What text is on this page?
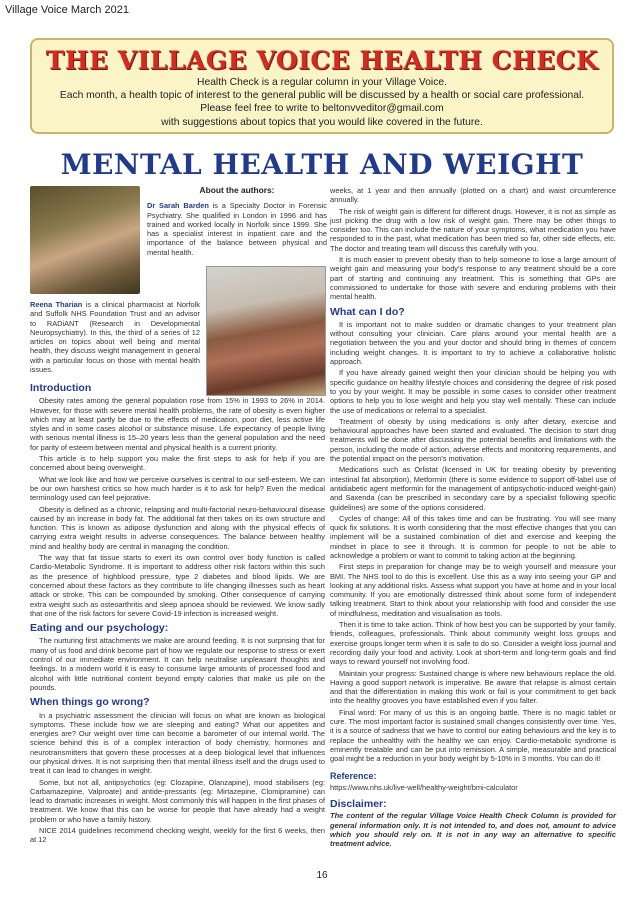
Village Voice March 2021
THE VILLAGE VOICE HEALTH CHECK
Health Check is a regular column in your Village Voice.
Each month, a health topic of interest to the general public will be discussed by a health or social care professional.
Please feel free to write to beltonvveditor@gmail.com
with suggestions about topics that you would like covered in the future.
MENTAL HEALTH AND WEIGHT
About the authors:

Dr Sarah Barden is a Specialty Doctor in Forensic Psychiatry. She qualified in London in 1996 and has trained and worked locally in Norfolk since 1999. She has a specialist interest in inpatient care and the importance of the balance between physical and mental health.

Reena Tharian is a clinical pharmacist at Norfolk and Suffolk NHS Foundation Trust and an advisor to RADiANT (Research in Developmental Neuropsychiatry). In this, the third of a series of 12 articles on topics about well being and mental health, they discuss weight management in general with a particular focus on those with mental health issues.

Introduction

Obesity rates among the general population rose from 15% in 1993 to 26% in 2014. However, for those with severe mental health problems, the rate of obesity is even higher which may at least partly be due to the effects of medication, poor diet, less active life styles and in some cases alcohol or substance misuse. Life expectancy of people living with serious mental illness is 15–20 years less than the general population and the need for parity of esteem between mental and physical health is a current priority.

This article is to help support you make the first steps to ask for help if you are concerned about being overweight.

What we look like and how we perceive ourselves is central to our self-esteem. We can be our own harshest critics so how much harder is it to ask for help? Even the medical terminology used can feel pejorative.

Obesity is defined as a chronic, relapsing and multi-factorial neuro-behavioural disease caused by an increase in body fat. The additional fat then takes on its own structure and function. This is known as adipose dysfunction and along with the physical effects of carrying extra weight results in adverse consequences. The balance between healthy mind and healthy body are central in managing the condition.

The way that fat tissue starts to exert its own control over body function is called Cardio-Metabolic Syndrome. It is important to address other risk factors within this such as the presence of highblood pressure, type 2 diabetes and blood lipids. We are concerned about these factors as they contribute to life changing illnesses such as heart attack or stroke. This can be compounded by smoking. Other consequence of carrying extra weight such as osteoarthritis and sleep apnoea should be reviewed. We know sadly that one of the risk factors for severe Covid-19 infection is increased weight.

Eating and our psychology:

The nurturing first attachments we make are around feeding. It is not surprising that for many of us food and drink become part of how we regulate our response to stress or exert control of our immediate environment. It can help neutralise unpleasant thoughts and feelings. In a modern world it is easy to consume large amounts of processed food and alcohol with little nutritional content beyond empty calories that make us pile on the pounds.

When things go wrong?

In a psychiatric assessment the clinician will focus on what are known as biological symptoms. These include how we are sleeping and eating? What our appetites and energies are? Our weight over time can become a barometer of our internal world. The science behind this is of a complex interaction of body chemistry, hormones and neurotransmitters that govern these processes at a deep biological level that influences our physical drives. It is not surprising then that mental illness itself and the drugs used to treat it can lead to changes in weight.

Some, but not all, antipsychotics (eg: Clozapine, Olanzapine), mood stabilisers (eg: Carbamazepine, Valproate) and antide-pressants (eg: Mirtazepine, Clomipramine) can lead to dramatic increases in weight. Most commonly this will happen in the first phases of treatment. We know that this can be worse for people that have already had a weight problem or who have a family history.

NICE 2014 guidelines recommend checking weight, weekly for the first 6 weeks, then at 12

weeks, at 1 year and then annually (plotted on a chart) and waist circumference annually.

The risk of weight gain is different for different drugs. However, it is not as simple as just picking the drug with a low risk of weight gain. There may be other things to consider too. This can include the nature of your symptoms, what medication you have responded to in the past, what medication has been tried so far, other side effects, etc. The doctor and treating team will discuss this carefully with you.

It is much easier to prevent obesity than to help someone to lose a large amount of weight gain and measuring your body's response to any treatment should be a core part of starting and continuing any treatment. This is something that GPs are commissioned to undertake for those with severe and enduring problems with their mental health.

What can I do?

It is important not to make sudden or dramatic changes to your treatment plan without consulting your clinician. Care plans around your mental health are a negotiation between the you and your doctor and should bring in themes of concern including weight changes. It is important to try to achieve a collaborative holistic approach.

If you have already gained weight then your clinician should be helping you with specific guidance on healthy lifestyle choices and considering the degree of risk posed to you by your weight. It may be possible in some cases to consider other treatment options to help you to lose weight and help you stay well mentally. These can include the use of medications or referral to a specialist.

Treatment of obesity by using medications is only after dietary, exercise and behavioural approaches have been started and evaluated. The decision to start drug treatments will be done after discussing the potential benefits and limitations with the person, including the mode of action, adverse effects and monitoring requirements, and the potential impact on the person's motivation.

Medications such as Orlistat (licensed in UK for treating obesity by preventing intestinal fat absorption), Metformin (there is some evidence to support off-label use of antidiabetic agent metformin for the management of antipsychotic-induced weight-gain) and Saxenda (can be prescribed in secondary care by a specialist following specific guidelines) are some of the options considered.

Cycles of change: All of this takes time and can be frustrating. You will see many quick fix solutions. It is worth considering that the most effective changes that you can implement will be a sustained combination of diet and exercise and keeping the mindset in place to see it through. It is common for people to not be able to acknowledge a problem or want to commit to taking action at the beginning.

First steps in preparation for change may be to weigh yourself and measure your BMI. The NHS tool to do this is excellent. Use this as a way into seeing your GP and looking at any additional risks. Assess what support you have at home and in your local community. If you are emotionally distressed think about some form of independent talking treatment. Start to think about your relationship with food and consider the use of mindfulness, meditation and visualisation as tools.

Then it is time to take action. Think of how best you can be supported by your family, friends, colleagues, professionals. Think about community weight loss groups and exercise groups longer term when it is safe to do so. Consider a weight loss journal and recording daily your food and activity. Look at short-term and long-term goals and find ways to reward yourself not involving food.

Maintain your progress: Sustained change is where new behaviours replace the old. Having a good support network is imperative. Be aware that relapse is almost certain and that the differentiation in making this work or fail is your commitment to get back into the healthy grooves you have established even if you falter.

Final word: For many of us this is an ongoing battle. There is no magic tablet or cure. The most important factor is sustained small changes consistently over time. Yes, it is a source of sadness that we have to control our eating behaviours and the key is to replace the unhealthy with the healthy we can enjoy. Cardio-metabolic syndrome is eminently treatable and can be put into remission. A simple, measurable and practical goal might be a reduction in your body weight by 5-10% in 3 months. You can do it!

Reference:

https://www.nhs.uk/live-well/healthy-weight/bmi-calculator

Disclaimer:

The content of the regular Village Voice Health Check Column is provided for general information only. It is not intended to, and does not, amount to advice which you should rely on. It is not in any way an alternative to specific treatment advice.

16
